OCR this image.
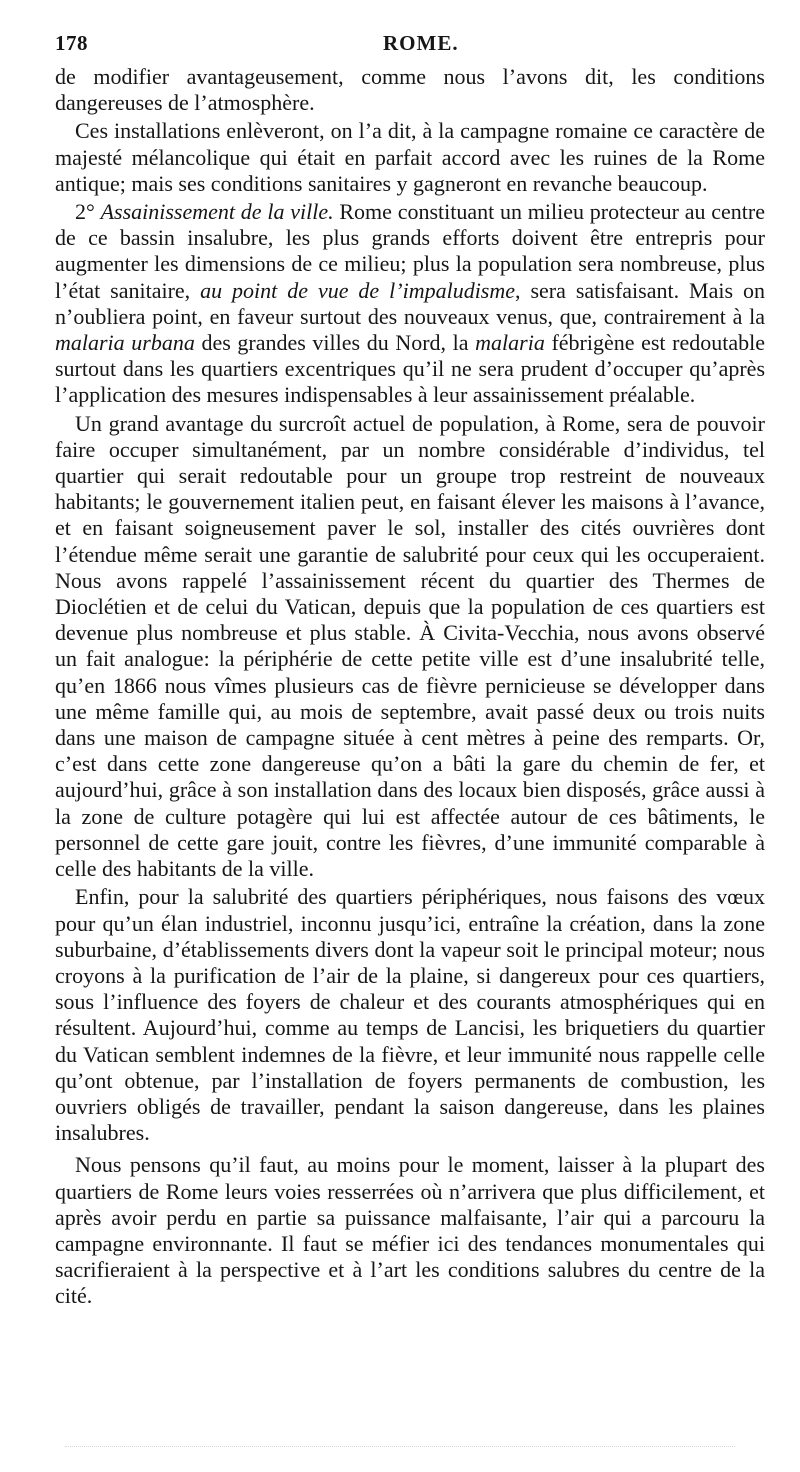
178	ROME.

de modifier avantageusement, comme nous l’avons dit, les conditions dangereuses de l’atmosphère.

Ces installations enlèveront, on l’a dit, à la campagne romaine ce caractère de majesté mélancolique qui était en parfait accord avec les ruines de la Rome antique; mais ses conditions sanitaires y gagneront en revanche beaucoup.

2° Assainissement de la ville. Rome constituant un milieu protecteur au centre de ce bassin insalubre, les plus grands efforts doivent être entrepris pour augmenter les dimensions de ce milieu; plus la population sera nombreuse, plus l’état sanitaire, au point de vue de l’impaludisme, sera satisfaisant. Mais on n’oubliera point, en faveur surtout des nouveaux venus, que, contrairement à la malaria urbana des grandes villes du Nord, la malaria fébrigène est redoutable surtout dans les quartiers excentriques qu’il ne sera prudent d’occuper qu’après l’application des mesures indispensables à leur assainissement préalable.

Un grand avantage du surcroît actuel de population, à Rome, sera de pouvoir faire occuper simultanément, par un nombre considérable d’individus, tel quartier qui serait redoutable pour un groupe trop restreint de nouveaux habitants; le gouvernement italien peut, en faisant élever les maisons à l’avance, et en faisant soigneusement paver le sol, installer des cités ouvrières dont l’étendue même serait une garantie de salubrité pour ceux qui les occuperaient. Nous avons rappelé l’assainissement récent du quartier des Thermes de Dioclétien et de celui du Vatican, depuis que la population de ces quartiers est devenue plus nombreuse et plus stable. À Civita-Vecchia, nous avons observé un fait analogue: la périphérie de cette petite ville est d’une insalubrité telle, qu’en 1866 nous vîmes plusieurs cas de fièvre pernicieuse se développer dans une même famille qui, au mois de septembre, avait passé deux ou trois nuits dans une maison de campagne située à cent mètres à peine des remparts. Or, c’est dans cette zone dangereuse qu’on a bâti la gare du chemin de fer, et aujourd’hui, grâce à son installation dans des locaux bien disposés, grâce aussi à la zone de culture potagère qui lui est affectée autour de ces bâtiments, le personnel de cette gare jouit, contre les fièvres, d’une immunité comparable à celle des habitants de la ville.

Enfin, pour la salubrité des quartiers périphériques, nous faisons des vœux pour qu’un élan industriel, inconnu jusqu’ici, entraîne la création, dans la zone suburbaine, d’établissements divers dont la vapeur soit le principal moteur; nous croyons à la purification de l’air de la plaine, si dangereux pour ces quartiers, sous l’influence des foyers de chaleur et des courants atmosphériques qui en résultent. Aujourd’hui, comme au temps de Lancisi, les briquetiers du quartier du Vatican semblent indemnes de la fièvre, et leur immunité nous rappelle celle qu’ont obtenue, par l’installation de foyers permanents de combustion, les ouvriers obligés de travailler, pendant la saison dangereuse, dans les plaines insalubres.

Nous pensons qu’il faut, au moins pour le moment, laisser à la plupart des quartiers de Rome leurs voies resserrées où n’arrivera que plus difficilement, et après avoir perdu en partie sa puissance malfaisante, l’air qui a parcouru la campagne environnante. Il faut se méfier ici des tendances monumentales qui sacrifieraient à la perspective et à l’art les conditions salubres du centre de la cité.
